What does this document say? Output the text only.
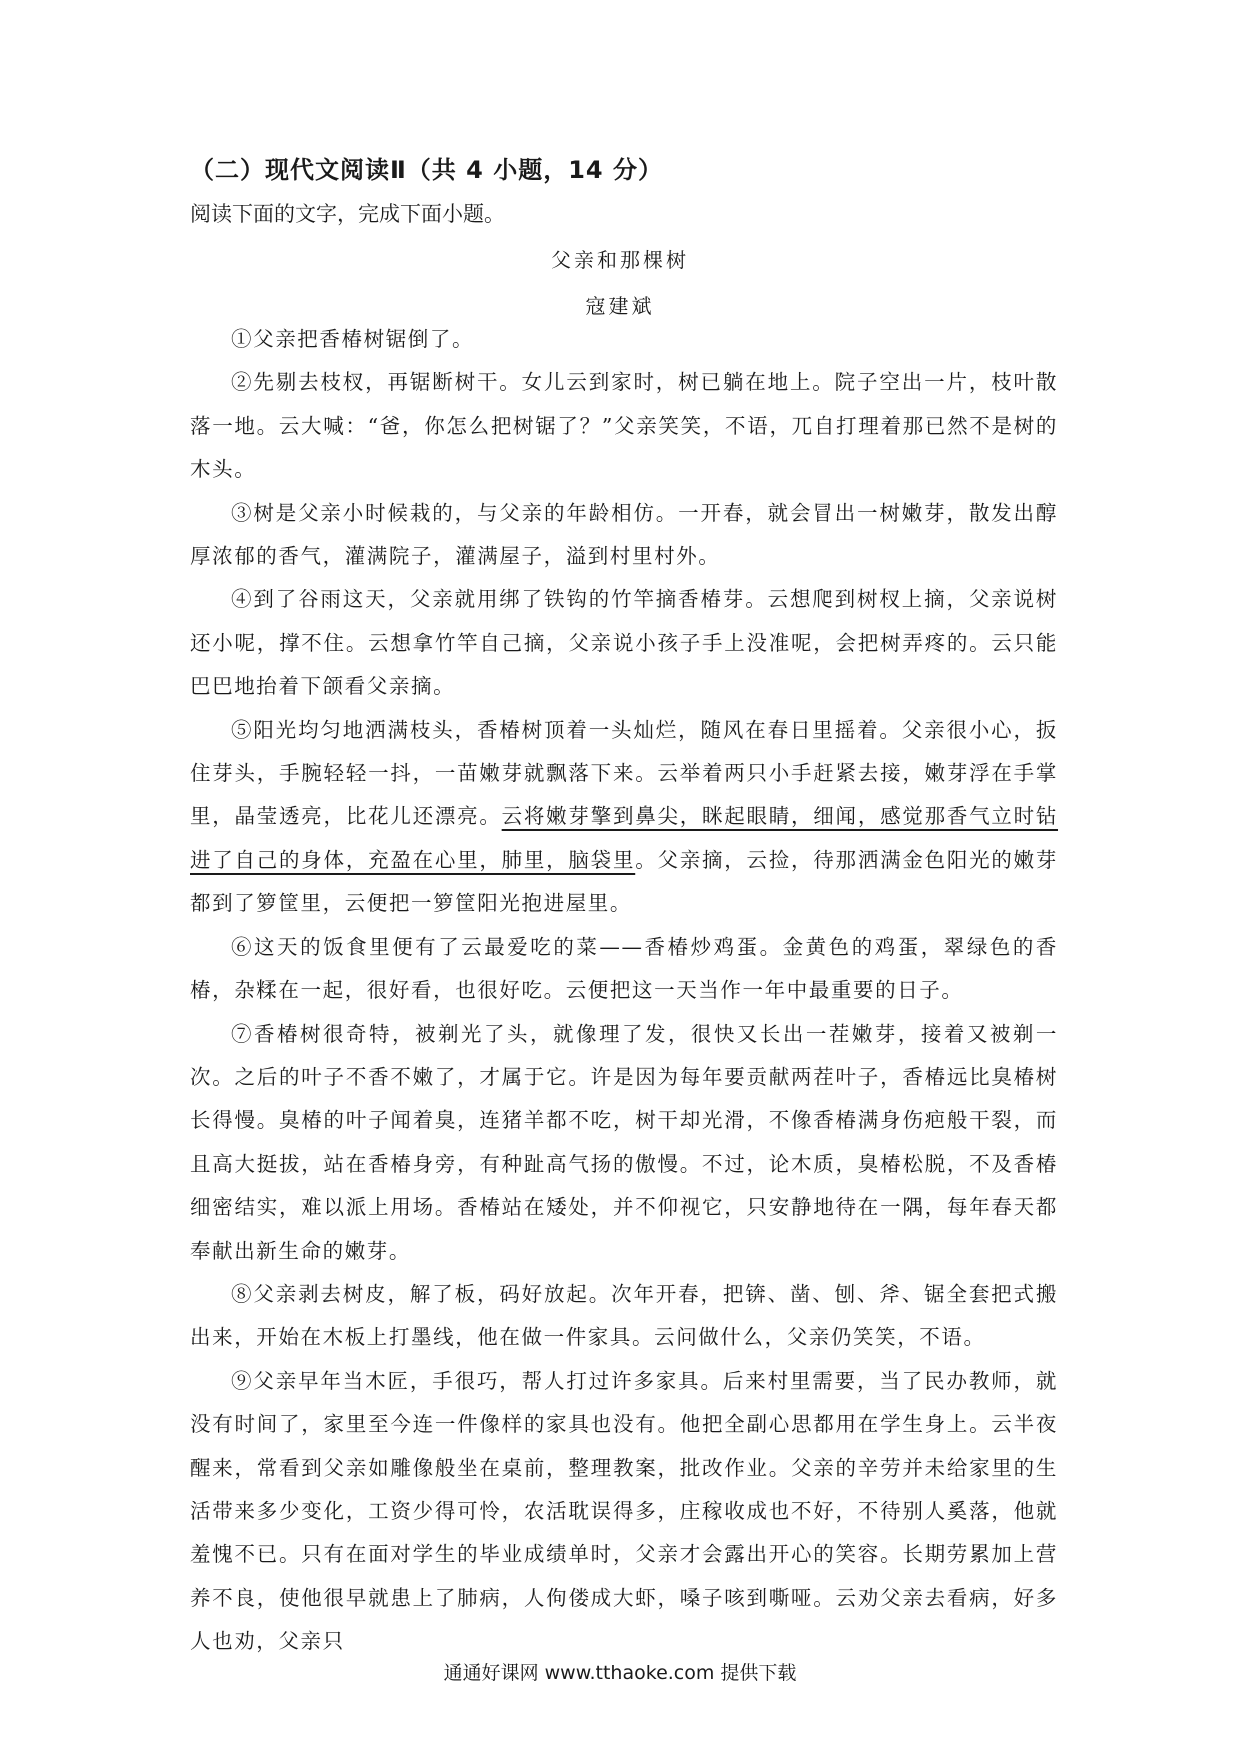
（二）现代文阅读Ⅱ（共 4 小题，14 分）
阅读下面的文字，完成下面小题。
父亲和那棵树
寇建斌

①父亲把香椿树锯倒了。

②先剔去枝杈，再锯断树干。女儿云到家时，树已躺在地上。院子空出一片，枝叶散落一地。云大喊：“爸，你怎么把树锯了？”父亲笑笑，不语，兀自打理着那已然不是树的木头。

③树是父亲小时候栽的，与父亲的年龄相仿。一开春，就会冒出一树嫩芽，散发出醇厚浓郁的香气，灌满院子，灌满屋子，溢到村里村外。

④到了谷雨这天，父亲就用绑了铁钩的竹竿摘香椿芽。云想爬到树杈上摘，父亲说树还小呢，撑不住。云想拿竹竿自己摘，父亲说小孩子手上没准呢，会把树弄疼的。云只能巴巴地抬着下颌看父亲摘。

⑤阳光均匀地洒满枝头，香椿树顶着一头灿烂，随风在春日里摇着。父亲很小心，扳住芽头，手腕轻轻一抖，一苗嫩芽就飘落下来。云举着两只小手赶紧去接，嫩芽浮在手掌里，晶莹透亮，比花儿还漂亮。云将嫩芽擎到鼻尖，眯起眼睛，细闻，感觉那香气立时钻进了自己的身体，充盈在心里，肺里，脑袋里。父亲摘，云捡，待那洒满金色阳光的嫩芽都到了箩筐里，云便把一箩筐阳光抱进屋里。

⑥这天的饭食里便有了云最爱吃的菜——香椿炒鸡蛋。金黄色的鸡蛋，翠绿色的香椿，杂糅在一起，很好看，也很好吃。云便把这一天当作一年中最重要的日子。

⑦香椿树很奇特，被剃光了头，就像理了发，很快又长出一茬嫩芽，接着又被剃一次。之后的叶子不香不嫩了，才属于它。许是因为每年要贡献两茬叶子，香椿远比臭椿树长得慢。臭椿的叶子闻着臭，连猪羊都不吃，树干却光滑，不像香椿满身伤疤般干裂，而且高大挺拔，站在香椿身旁，有种趾高气扬的傲慢。不过，论木质，臭椿松脱，不及香椿细密结实，难以派上用场。香椿站在矮处，并不仰视它，只安静地待在一隅，每年春天都奉献出新生命的嫩芽。

⑧父亲剥去树皮，解了板，码好放起。次年开春，把锛、凿、刨、斧、锯全套把式搬出来，开始在木板上打墨线，他在做一件家具。云问做什么，父亲仍笑笑，不语。

⑨父亲早年当木匠，手很巧，帮人打过许多家具。后来村里需要，当了民办教师，就没有时间了，家里至今连一件像样的家具也没有。他把全副心思都用在学生身上。云半夜醒来，常看到父亲如雕像般坐在桌前，整理教案，批改作业。父亲的辛劳并未给家里的生活带来多少变化，工资少得可怜，农活耽误得多，庄稼收成也不好，不待别人奚落，他就羞愧不已。只有在面对学生的毕业成绩单时，父亲才会露出开心的笑容。长期劳累加上营养不良，使他很早就患上了肺病，人佝偻成大虾，嗓子咳到嘶哑。云劝父亲去看病，好多人也劝，父亲只

通通好课网 www.tthaoke.com 提供下载
